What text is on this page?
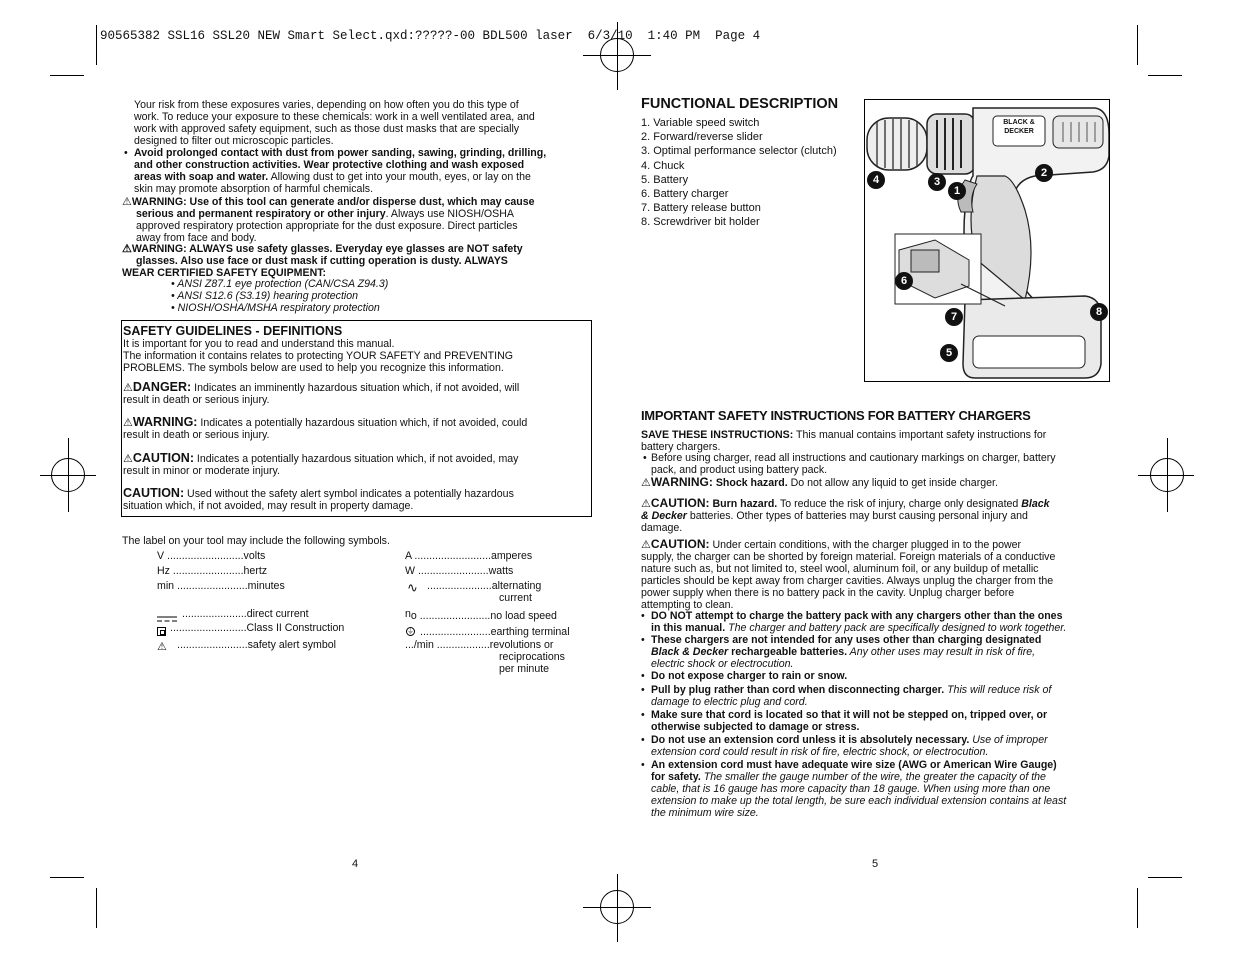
90565382 SSL16 SSL20 NEW Smart Select.qxd:?????-00 BDL500 laser  6/3/10  1:40 PM  Page 4

Your risk from these exposures varies, depending on how often you do this type of

work. To reduce your exposure to these chemicals: work in a well ventilated area, and

work with approved safety equipment, such as those dust masks that are specially

designed to filter out microscopic particles.

• Avoid prolonged contact with dust from power sanding, sawing, grinding, drilling,

and other construction activities. Wear protective clothing and wash exposed

areas with soap and water. Allowing dust to get into your mouth, eyes, or lay on the

skin may promote absorption of harmful chemicals.

⚠WARNING: Use of this tool can generate and/or disperse dust, which may cause

serious and permanent respiratory or other injury. Always use NIOSH/OSHA

approved respiratory protection appropriate for the dust exposure. Direct particles

away from face and body.

⚠WARNING: ALWAYS use safety glasses. Everyday eye glasses are NOT safety

glasses. Also use face or dust mask if cutting operation is dusty. ALWAYS

WEAR CERTIFIED SAFETY EQUIPMENT:

• ANSI Z87.1 eye protection (CAN/CSA Z94.3)

• ANSI S12.6 (S3.19) hearing protection

• NIOSH/OSHA/MSHA respiratory protection

SAFETY GUIDELINES - DEFINITIONS

It is important for you to read and understand this manual.

The information it contains relates to protecting YOUR SAFETY and PREVENTING

PROBLEMS. The symbols below are used to help you recognize this information.

⚠DANGER: Indicates an imminently hazardous situation which, if not avoided, will

result in death or serious injury.

⚠WARNING: Indicates a potentially hazardous situation which, if not avoided, could

result in death or serious injury.

⚠CAUTION: Indicates a potentially hazardous situation which, if not avoided, may

result in minor or moderate injury.

CAUTION: Used without the safety alert symbol indicates a potentially hazardous

situation which, if not avoided, may result in property damage.

The label on your tool may include the following symbols.
V ..........................volts
Hz ........................hertz
min ........................minutes
......................direct current
..........................Class II Construction
⚠ ........................safety alert symbol
A ..........................amperes
W ........................watts
∿ ......................alternating
current
no ........................no load speed
⏚ ........................earthing terminal
.../min ..................revolutions or
reciprocations
per minute
4
FUNCTIONAL DESCRIPTION

1. Variable speed switch

2. Forward/reverse slider

3. Optimal performance selector (clutch)

4. Chuck

5. Battery

6. Battery charger

7. Battery release button

8. Screwdriver bit holder

BLACK & DECKER
1
2
3
4
5
6
7	8
IMPORTANT SAFETY INSTRUCTIONS FOR BATTERY CHARGERS

SAVE THESE INSTRUCTIONS: This manual contains important safety instructions for

battery chargers.

• Before using charger, read all instructions and cautionary markings on charger, battery

pack, and product using battery pack.

⚠WARNING: Shock hazard. Do not allow any liquid to get inside charger.

⚠CAUTION: Burn hazard. To reduce the risk of injury, charge only designated Black

& Decker batteries. Other types of batteries may burst causing personal injury and

damage.

⚠CAUTION: Under certain conditions, with the charger plugged in to the power

supply, the charger can be shorted by foreign material. Foreign materials of a conductive

nature such as, but not limited to, steel wool, aluminum foil, or any buildup of metallic

particles should be kept away from charger cavities. Always unplug the charger from the

power supply when there is no battery pack in the cavity. Unplug charger before

attempting to clean.

• DO NOT attempt to charge the battery pack with any chargers other than the ones

in this manual. The charger and battery pack are specifically designed to work together.

• These chargers are not intended for any uses other than charging designated

Black & Decker rechargeable batteries. Any other uses may result in risk of fire,

electric shock or electrocution.

• Do not expose charger to rain or snow.
• Pull by plug rather than cord when disconnecting charger. This will reduce risk of

damage to electric plug and cord.

• Make sure that cord is located so that it will not be stepped on, tripped over, or

otherwise subjected to damage or stress.

• Do not use an extension cord unless it is absolutely necessary. Use of improper

extension cord could result in risk of fire, electric shock, or electrocution.

• An extension cord must have adequate wire size (AWG or American Wire Gauge)

for safety. The smaller the gauge number of the wire, the greater the capacity of the

cable, that is 16 gauge has more capacity than 18 gauge. When using more than one

extension to make up the total length, be sure each individual extension contains at least

the minimum wire size.

5
